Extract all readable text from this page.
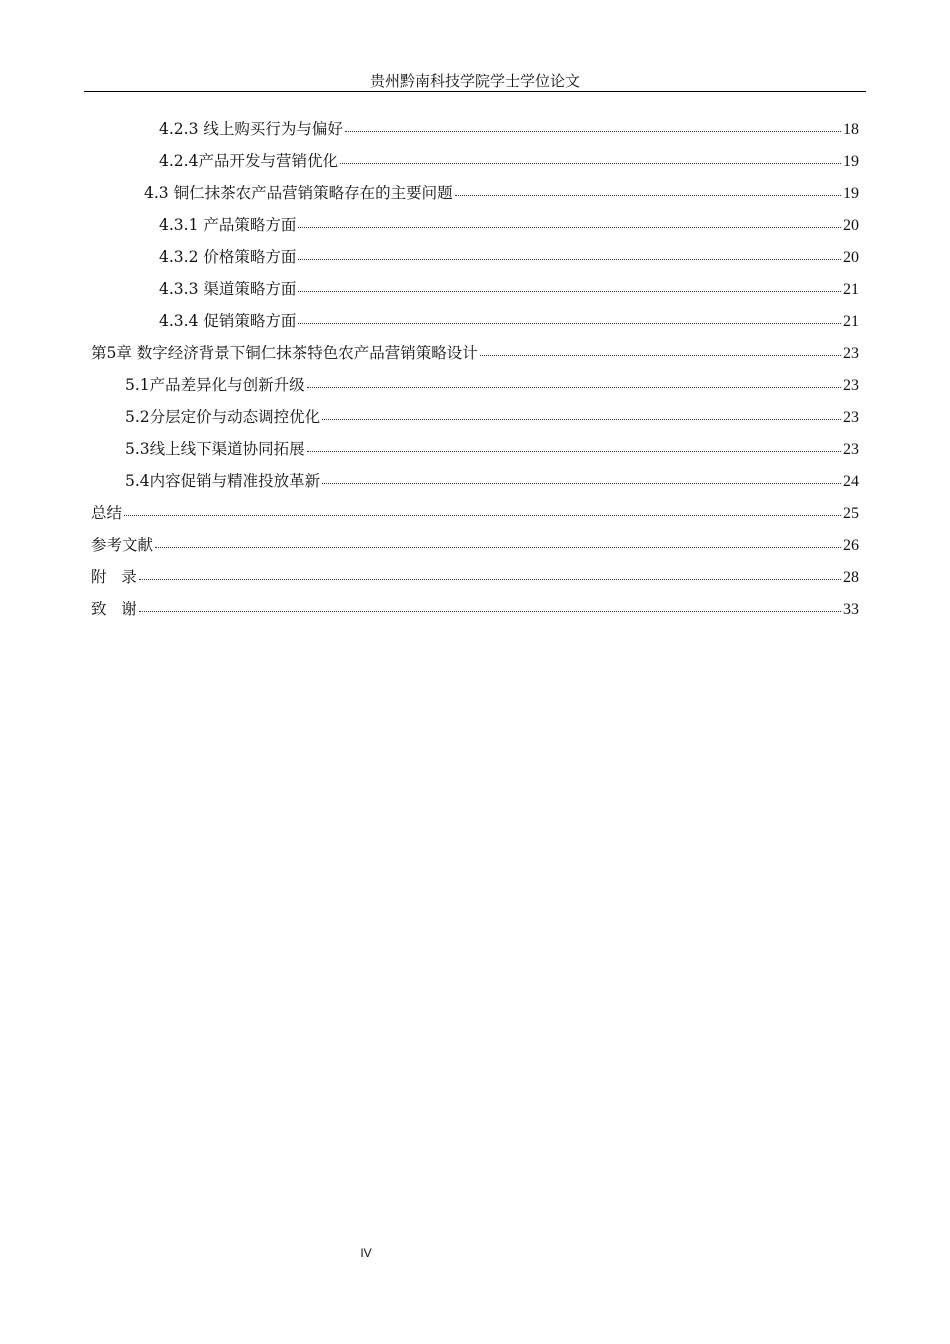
贵州黔南科技学院学士学位论文
4.2.3 线上购买行为与偏好	18
4.2.4产品开发与营销优化	19
4.3 铜仁抹茶农产品营销策略存在的主要问题	19
4.3.1 产品策略方面	20
4.3.2 价格策略方面	20
4.3.3 渠道策略方面	21
4.3.4 促销策略方面	21
第5章 数字经济背景下铜仁抹茶特色农产品营销策略设计	23
5.1产品差异化与创新升级	23
5.2分层定价与动态调控优化	23
5.3线上线下渠道协同拓展	23
5.4内容促销与精准投放革新	24
总结	25
参考文献	26
附   录	28
致   谢	33
IV
